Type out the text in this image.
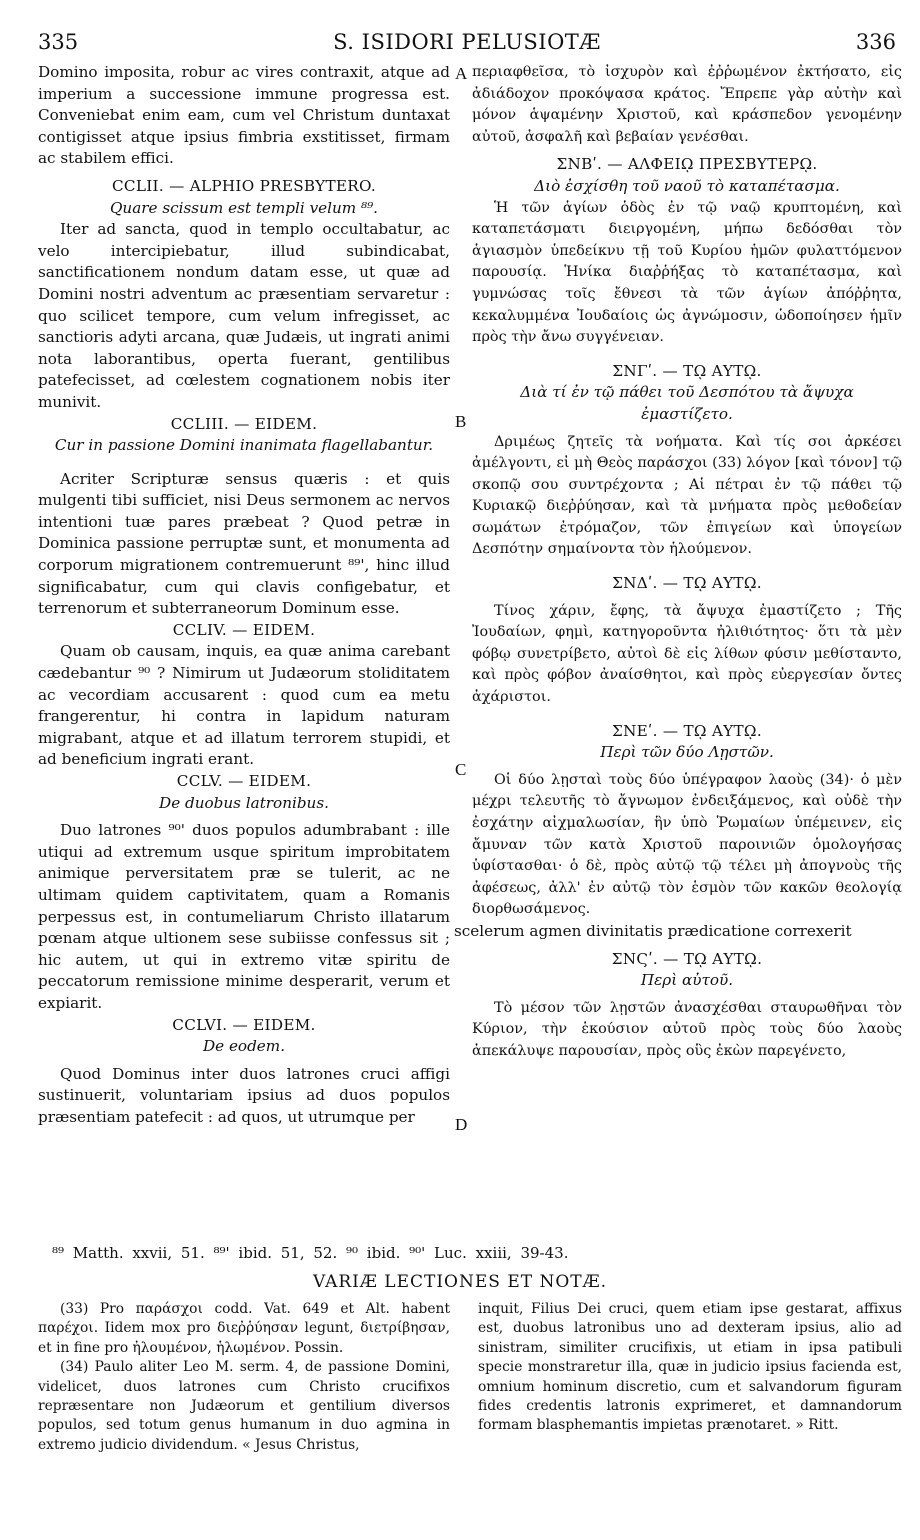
335	S. ISIDORI PELUSIOTÆ	336
A
B
C
D

Domino imposita, robur ac vires contraxit, atque ad imperium a successione immune progressa est. Conveniebat enim eam, cum vel Christum duntaxat contigisset atque ipsius fimbria exstitisset, firmam ac stabilem effici.

CCLII. — ALPHIO PRESBYTERO.

Quare scissum est templi velum ⁸⁹.

Iter ad sancta, quod in templo occultabatur, ac velo intercipiebatur, illud subindicabat, sanctificationem nondum datam esse, ut quæ ad Domini nostri adventum ac præsentiam servaretur : quo scilicet tempore, cum velum infregisset, ac sanctioris adyti arcana, quæ Judæis, ut ingrati animi nota laborantibus, operta fuerant, gentilibus patefecisset, ad cœlestem cognationem nobis iter munivit.

CCLIII. — EIDEM.

Cur in passione Domini inanimata flagellabantur.

Acriter Scripturæ sensus quæris : et quis mulgenti tibi sufficiet, nisi Deus sermonem ac nervos intentioni tuæ pares præbeat ? Quod petræ in Dominica passione perruptæ sunt, et monumenta ad corporum migrationem contremuerunt ⁸⁹', hinc illud significabatur, cum qui clavis configebatur, et terrenorum et subterraneorum Dominum esse.

CCLIV. — EIDEM.

Quam ob causam, inquis, ea quæ anima carebant cædebantur ⁹⁰ ? Nimirum ut Judæorum stoliditatem ac vecordiam accusarent : quod cum ea metu frangerentur, hi contra in lapidum naturam migrabant, atque et ad illatum terrorem stupidi, et ad beneficium ingrati erant.

CCLV. — EIDEM.

De duobus latronibus.

Duo latrones ⁹⁰' duos populos adumbrabant : ille utiqui ad extremum usque spiritum improbitatem animique perversitatem præ se tulerit, ac ne ultimam quidem captivitatem, quam a Romanis perpessus est, in contumeliarum Christo illatarum pœnam atque ultionem sese subiisse confessus sit ; hic autem, ut qui in extremo vitæ spiritu de peccatorum remissione minime desperarit, verum et expiarit.

CCLVI. — EIDEM.

De eodem.

Quod Dominus inter duos latrones cruci affigi sustinuerit, voluntariam ipsius ad duos populos præsentiam patefecit : ad quos, ut utrumque per

περιαφθεῖσα, τὸ ἰσχυρὸν καὶ ἐῤῥωμένον ἐκτήσατο, εἰς ἀδιάδοχον προκόψασα κράτος. Ἔπρεπε γὰρ αὐτὴν καὶ μόνον ἁψαμένην Χριστοῦ, καὶ κράσπεδον γενομένην αὐτοῦ, ἀσφαλῆ καὶ βεβαίαν γενέσθαι.

ΣΝΒʹ. — ΑΛΦΕΙῼ ΠΡΕΣΒΥΤΕΡῼ.

Διὸ ἐσχίσθη τοῦ ναοῦ τὸ καταπέτασμα.

Ἡ τῶν ἁγίων ὁδὸς ἐν τῷ ναῷ κρυπτομένη, καὶ καταπετάσματι διειργομένη, μήπω δεδόσθαι τὸν ἁγιασμὸν ὑπεδείκνυ τῇ τοῦ Κυρίου ἡμῶν φυλαττόμενον παρουσίᾳ. Ἡνίκα διαῤῥήξας τὸ καταπέτασμα, καὶ γυμνώσας τοῖς ἔθνεσι τὰ τῶν ἁγίων ἀπόῤῥητα, κεκαλυμμένα Ἰουδαίοις ὡς ἀγνώμοσιν, ὡδοποίησεν ἡμῖν πρὸς τὴν ἄνω συγγένειαν.

ΣΝΓʹ. — Τῼ ΑΥΤῼ.

Διὰ τί ἐν τῷ πάθει τοῦ Δεσπότου τὰ ἄψυχα ἐμαστίζετο.

Δριμέως ζητεῖς τὰ νοήματα. Καὶ τίς σοι ἀρκέσει ἀμέλγοντι, εἰ μὴ Θεὸς παράσχοι (33) λόγον [καὶ τόνον] τῷ σκοπῷ σου συντρέχοντα ; Αἱ πέτραι ἐν τῷ πάθει τῷ Κυριακῷ διεῤῥύησαν, καὶ τὰ μνήματα πρὸς μεθοδείαν σωμάτων ἐτρόμαζον, τῶν ἐπιγείων καὶ ὑπογείων Δεσπότην σημαίνοντα τὸν ἡλούμενον.

ΣΝΔʹ. — Τῼ ΑΥΤῼ.

Τίνος χάριν, ἔφης, τὰ ἄψυχα ἐμαστίζετο ; Τῆς Ἰουδαίων, φημὶ, κατηγοροῦντα ἠλιθιότητος· ὅτι τὰ μὲν φόβῳ συνετρίβετο, αὐτοὶ δὲ εἰς λίθων φύσιν μεθίσταντο, καὶ πρὸς φόβον ἀναίσθητοι, καὶ πρὸς εὐεργεσίαν ὄντες ἀχάριστοι.

ΣΝΕʹ. — Τῼ ΑΥΤῼ.

Περὶ τῶν δύο Λῃστῶν.

Οἱ δύο λῃσταὶ τοὺς δύο ὑπέγραφον λαοὺς (34)· ὁ μὲν μέχρι τελευτῆς τὸ ἄγνωμον ἐνδειξάμενος, καὶ οὐδὲ τὴν ἐσχάτην αἰχμαλωσίαν, ἣν ὑπὸ Ῥωμαίων ὑπέμεινεν, εἰς ἄμυναν τῶν κατὰ Χριστοῦ παροινιῶν ὁμολογήσας ὑφίστασθαι· ὁ δὲ, πρὸς αὐτῷ τῷ τέλει μὴ ἀπογνοὺς τῆς ἀφέσεως, ἀλλ' ἐν αὐτῷ τὸν ἑσμὸν τῶν κακῶν θεολογίᾳ διορθωσάμενος.

scelerum agmen divinitatis prædicatione correxerit

ΣΝϚʹ. — Τῼ ΑΥΤῼ.

Περὶ αὐτοῦ.

Τὸ μέσον τῶν λῃστῶν ἀνασχέσθαι σταυρωθῆναι τὸν Κύριον, τὴν ἑκούσιον αὐτοῦ πρὸς τοὺς δύο λαοὺς ἀπεκάλυψε παρουσίαν, πρὸς οὓς ἐκὼν παρεγένετο,

⁸⁹ Matth. xxvii, 51. ⁸⁹' ibid. 51, 52. ⁹⁰ ibid. ⁹⁰' Luc. xxiii, 39-43.
VARIÆ LECTIONES ET NOTÆ.

(33) Pro παράσχοι codd. Vat. 649 et Alt. habent παρέχοι. Iidem mox pro διεῤῥύησαν legunt, διετρίβησαν, et in fine pro ἠλουμένον, ἡλωμένον. Possin.

(34) Paulo aliter Leo M. serm. 4, de passione Domini, videlicet, duos latrones cum Christo crucifixos repræsentare non Judæorum et gentilium diversos populos, sed totum genus humanum in duo agmina in extremo judicio dividendum. « Jesus Christus,

inquit, Filius Dei cruci, quem etiam ipse gestarat, affixus est, duobus latronibus uno ad dexteram ipsius, alio ad sinistram, similiter crucifixis, ut etiam in ipsa patibuli specie monstraretur illa, quæ in judicio ipsius facienda est, omnium hominum discretio, cum et salvandorum figuram fides credentis latronis exprimeret, et damnandorum formam blasphemantis impietas prænotaret. » Ritt.
